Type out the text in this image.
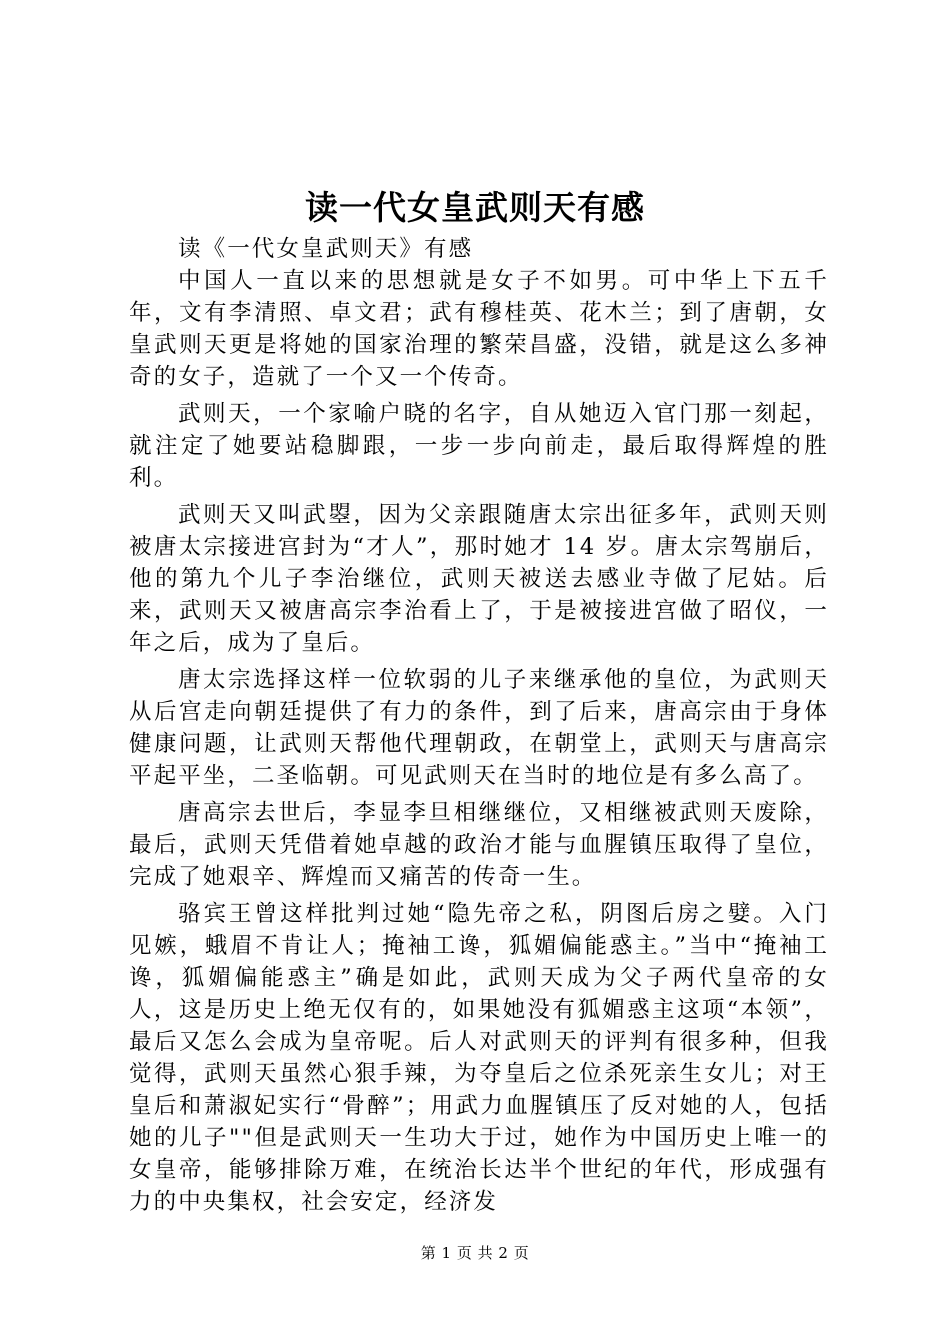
读一代女皇武则天有感

读《一代女皇武则天》有感

中国人一直以来的思想就是女子不如男。可中华上下五千年，文有李清照、卓文君；武有穆桂英、花木兰；到了唐朝，女皇武则天更是将她的国家治理的繁荣昌盛，没错，就是这么多神奇的女子，造就了一个又一个传奇。

武则天，一个家喻户晓的名字，自从她迈入官门那一刻起，就注定了她要站稳脚跟，一步一步向前走，最后取得辉煌的胜利。

武则天又叫武曌，因为父亲跟随唐太宗出征多年，武则天则被唐太宗接进宫封为“才人”，那时她才 14 岁。唐太宗驾崩后，他的第九个儿子李治继位，武则天被送去感业寺做了尼姑。后来，武则天又被唐高宗李治看上了，于是被接进宫做了昭仪，一年之后，成为了皇后。

唐太宗选择这样一位软弱的儿子来继承他的皇位，为武则天从后宫走向朝廷提供了有力的条件，到了后来，唐高宗由于身体健康问题，让武则天帮他代理朝政，在朝堂上，武则天与唐高宗平起平坐，二圣临朝。可见武则天在当时的地位是有多么高了。

唐高宗去世后，李显李旦相继继位，又相继被武则天废除，最后，武则天凭借着她卓越的政治才能与血腥镇压取得了皇位，完成了她艰辛、辉煌而又痛苦的传奇一生。

骆宾王曾这样批判过她“隐先帝之私，阴图后房之嬖。入门见嫉，蛾眉不肯让人；掩袖工谗，狐媚偏能惑主。”当中“掩袖工谗，狐媚偏能惑主”确是如此，武则天成为父子两代皇帝的女人，这是历史上绝无仅有的，如果她没有狐媚惑主这项“本领”，最后又怎么会成为皇帝呢。后人对武则天的评判有很多种，但我觉得，武则天虽然心狠手辣，为夺皇后之位杀死亲生女儿；对王皇后和萧淑妃实行“骨醉”；用武力血腥镇压了反对她的人，包括她的儿子""但是武则天一生功大于过，她作为中国历史上唯一的女皇帝，能够排除万难，在统治长达半个世纪的年代，形成强有力的中央集权，社会安定，经济发

第 1 页 共 2 页
